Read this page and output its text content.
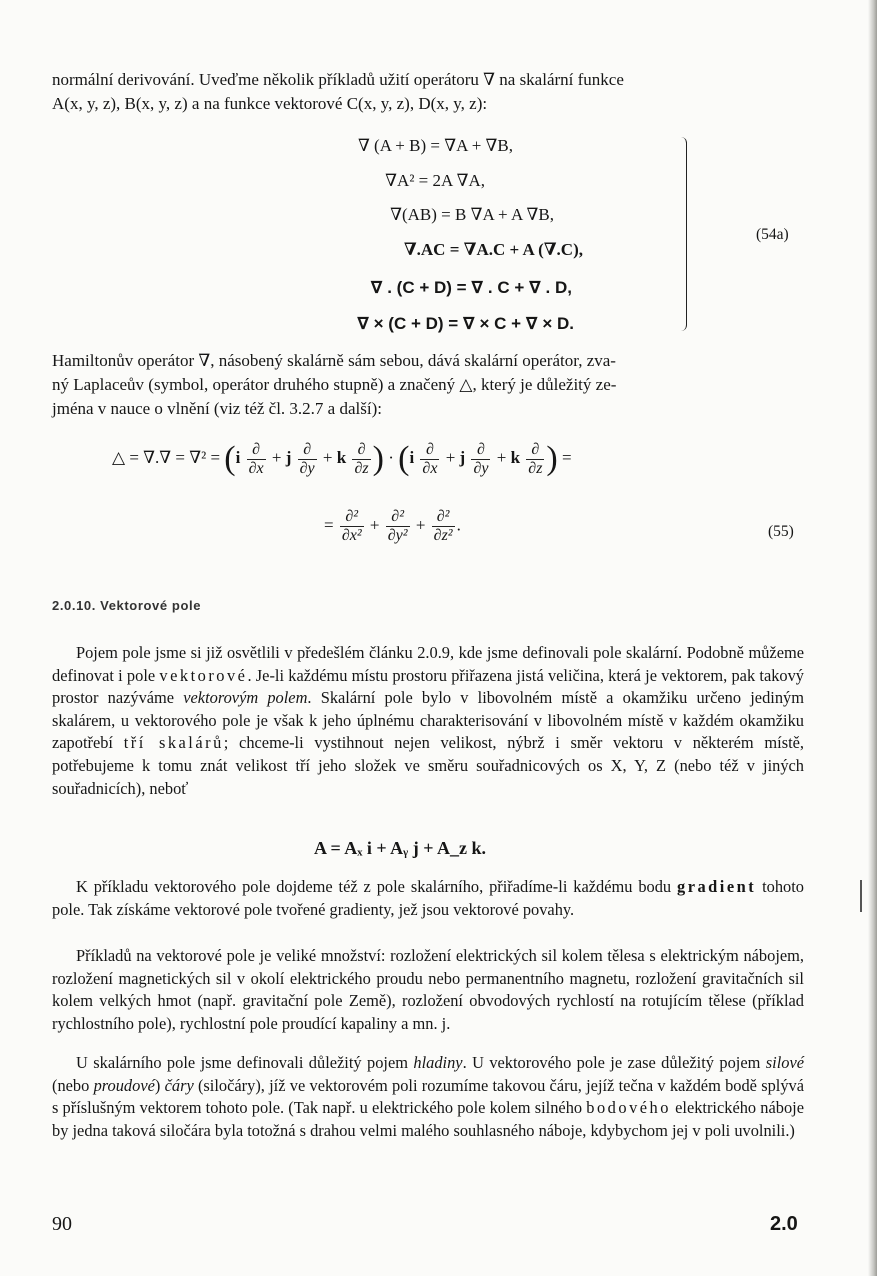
normální derivování. Uveďme několik příkladů užití operátoru ∇ na skalární funkce
A(x, y, z), B(x, y, z) a na funkce vektorové C(x, y, z), D(x, y, z):
∇ (A + B) = ∇A + ∇B,
∇A² = 2A ∇A,
∇(AB) = B ∇A + A ∇B,
∇.AC = ∇A.C + A (∇.C),
∇ . (C + D) = ∇ . C + ∇ . D,
∇ × (C + D) = ∇ × C + ∇ × D.
(54a)
Hamiltonův operátor ∇, násobený skalárně sám sebou, dává skalární operátor, zva-
ný Laplaceův (symbol, operátor druhého stupně) a značený △, který je důležitý ze-
jména v nauce o vlnění (viz též čl. 3.2.7 a další):
△ = ∇.∇ = $\nabla^2 = (i \frac{\partial}{\partial x} + j \frac{\partial}{\partial y} + k \frac{\partial}{\partial z}$ ) · ($i \frac{\partial}{\partial x} + j \frac{\partial}{\partial y} + k \frac{\partial}{\partial z}$ ) =
= $\frac{\text{∂²}}{\text{∂x²}} + \frac{\text{∂²}}{\text{∂y²}} + \frac{\text{∂²}}{\text{∂z²}}$ .	(55)
2.0.10. Vektorové pole

Pojem pole jsme si již osvětlili v předešlém článku 2.0.9, kde jsme definovali pole skalární. Podobně můžeme definovat i pole vektorové. Je-li každému místu prostoru přiřazena jistá veličina, která je vektorem, pak takový prostor nazýváme vektorovým polem. Skalární pole bylo v libovolném místě a okamžiku určeno jediným skalárem, u vektorového pole je však k jeho úplnému charakterisování v libovolném místě v každém okamžiku zapotřebí tří skalárů; chceme-li vystihnout nejen velikost, nýbrž i směr vektoru v některém místě, potřebujeme k tomu znát velikost tří jeho složek ve směru souřadnicových os X, Y, Z (nebo též v jiných souřadnicích), neboť

A = Aₓ i + Aᵧ j + A_z k.

K příkladu vektorového pole dojdeme též z pole skalárního, přiřadíme-li každému bodu gradient tohoto pole. Tak získáme vektorové pole tvořené gradienty, jež jsou vektorové povahy.

Příkladů na vektorové pole je veliké množství: rozložení elektrických sil kolem tělesa s elektrickým nábojem, rozložení magnetických sil v okolí elektrického proudu nebo permanentního magnetu, rozložení gravitačních sil kolem velkých hmot (např. gravitační pole Země), rozložení obvodových rychlostí na rotujícím tělese (příklad rychlostního pole), rychlostní pole proudící kapaliny a mn. j.

U skalárního pole jsme definovali důležitý pojem hladiny. U vektorového pole je zase důležitý pojem silové (nebo proudové) čáry (siločáry), jíž ve vektorovém poli rozumíme takovou čáru, jejíž tečna v každém bodě splývá s příslušným vektorem tohoto pole. (Tak např. u elektrického pole kolem silného bodového elektrického náboje by jedna taková siločára byla totožná s drahou velmi malého souhlasného náboje, kdybychom jej v poli uvolnili.)

90	2.0
